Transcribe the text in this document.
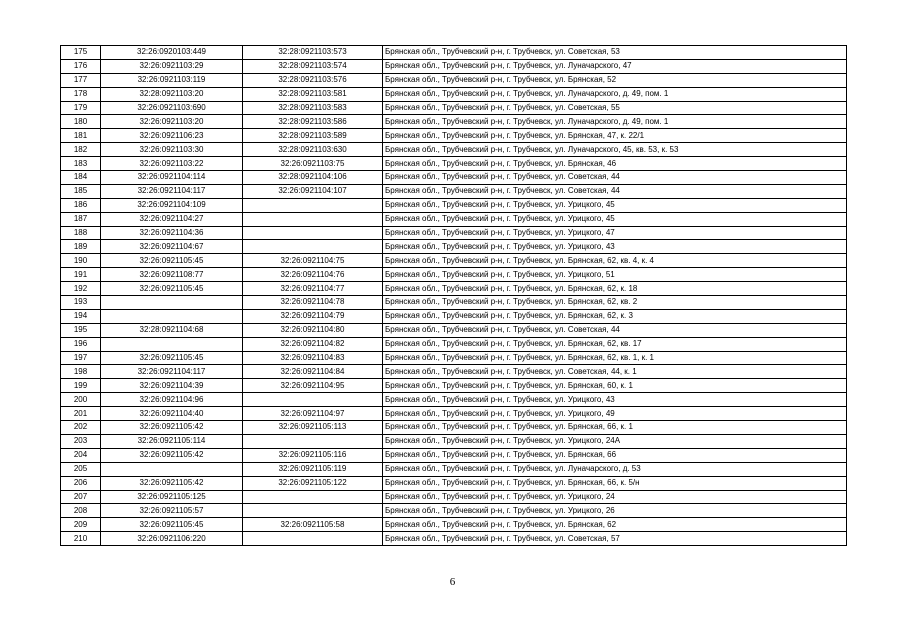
175	32:26:0920103:449	32:28:0921103:573	Брянская обл., Трубчевский р-н, г. Трубчевск, ул. Советская, 53
176	32:26:0921103:29	32:28:0921103:574	Брянская обл., Трубчевский р-н, г. Трубчевск, ул. Луначарского, 47
177	32:26:0921103:119	32:28:0921103:576	Брянская обл., Трубчевский р-н, г. Трубчевск, ул. Брянская, 52
178	32:28:0921103:20	32:28:0921103:581	Брянская обл., Трубчевский р-н, г. Трубчевск, ул. Луначарского, д. 49, пом. 1
179	32:26:0921103:690	32:28:0921103:583	Брянская обл., Трубчевский р-н, г. Трубчевск, ул. Советская, 55
180	32:26:0921103:20	32:28:0921103:586	Брянская обл., Трубчевский р-н, г. Трубчевск, ул. Луначарского, д. 49, пом. 1
181	32:26:0921106:23	32:28:0921103:589	Брянская обл., Трубчевский р-н, г. Трубчевск, ул. Брянская, 47, к. 22/1
182	32:26:0921103:30	32:28:0921103:630	Брянская обл., Трубчевский р-н, г. Трубчевск, ул. Луначарского, 45, кв. 53, к. 53
183	32:26:0921103:22	32:26:0921103:75	Брянская обл., Трубчевский р-н, г. Трубчевск, ул. Брянская, 46
184	32:26:0921104:114	32:28:0921104:106	Брянская обл., Трубчевский р-н, г. Трубчевск, ул. Советская, 44
185	32:26:0921104:117	32:26:0921104:107	Брянская обл., Трубчевский р-н, г. Трубчевск, ул. Советская, 44
186	32:26:0921104:109		Брянская обл., Трубчевский р-н, г. Трубчевск, ул. Урицкого, 45
187	32:26:0921104:27		Брянская обл., Трубчевский р-н, г. Трубчевск, ул. Урицкого, 45
188	32:26:0921104:36		Брянская обл., Трубчевский р-н, г. Трубчевск, ул. Урицкого, 47
189	32:26:0921104:67		Брянская обл., Трубчевский р-н, г. Трубчевск, ул. Урицкого, 43
190	32:26:0921105:45	32:26:0921104:75	Брянская обл., Трубчевский р-н, г. Трубчевск, ул. Брянская, 62, кв. 4, к. 4
191	32:26:0921108:77	32:26:0921104:76	Брянская обл., Трубчевский р-н, г. Трубчевск, ул. Урицкого, 51
192	32:26:0921105:45	32:26:0921104:77	Брянская обл., Трубчевский р-н, г. Трубчевск, ул. Брянская, 62, к. 18
193		32:26:0921104:78	Брянская обл., Трубчевский р-н, г. Трубчевск, ул. Брянская, 62, кв. 2
194		32:26:0921104:79	Брянская обл., Трубчевский р-н, г. Трубчевск, ул. Брянская, 62, к. 3
195	32:28:0921104:68	32:26:0921104:80	Брянская обл., Трубчевский р-н, г. Трубчевск, ул. Советская, 44
196		32:26:0921104:82	Брянская обл., Трубчевский р-н, г. Трубчевск, ул. Брянская, 62, кв. 17
197	32:26:0921105:45	32:26:0921104:83	Брянская обл., Трубчевский р-н, г. Трубчевск, ул. Брянская, 62, кв. 1, к. 1
198	32:26:0921104:117	32:26:0921104:84	Брянская обл., Трубчевский р-н, г. Трубчевск, ул. Советская, 44, к. 1
199	32:26:0921104:39	32:26:0921104:95	Брянская обл., Трубчевский р-н, г. Трубчевск, ул. Брянская, 60, к. 1
200	32:26:0921104:96		Брянская обл., Трубчевский р-н, г. Трубчевск, ул. Урицкого, 43
201	32:26:0921104:40	32:26:0921104:97	Брянская обл., Трубчевский р-н, г. Трубчевск, ул. Урицкого, 49
202	32:26:0921105:42	32:26:0921105:113	Брянская обл., Трубчевский р-н, г. Трубчевск, ул. Брянская, 66, к. 1
203	32:26:0921105:114		Брянская обл., Трубчевский р-н, г. Трубчевск, ул. Урицкого, 24А
204	32:26:0921105:42	32:26:0921105:116	Брянская обл., Трубчевский р-н, г. Трубчевск, ул. Брянская, 66
205		32:26:0921105:119	Брянская обл., Трубчевский р-н, г. Трубчевск, ул. Луначарского, д. 53
206	32:26:0921105:42	32:26:0921105:122	Брянская обл., Трубчевский р-н, г. Трубчевск, ул. Брянская, 66, к. 5/н
207	32:26:0921105:125		Брянская обл., Трубчевский р-н, г. Трубчевск, ул. Урицкого, 24
208	32:26:0921105:57		Брянская обл., Трубчевский р-н, г. Трубчевск, ул. Урицкого, 26
209	32:26:0921105:45	32:26:0921105:58	Брянская обл., Трубчевский р-н, г. Трубчевск, ул. Брянская, 62
210	32:26:0921106:220		Брянская обл., Трубчевский р-н, г. Трубчевск, ул. Советская, 57
6
